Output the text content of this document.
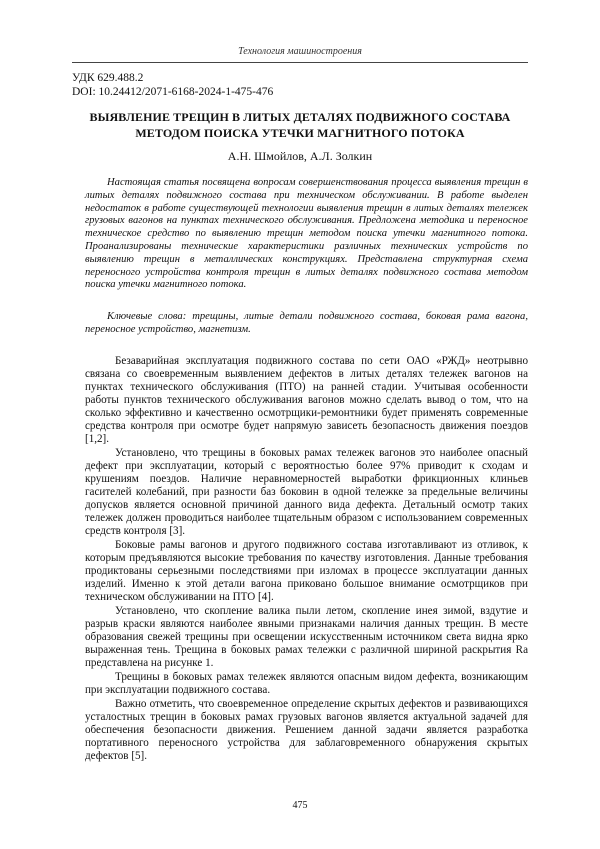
Технология машиностроения
УДК 629.488.2
DOI: 10.24412/2071-6168-2024-1-475-476
ВЫЯВЛЕНИЕ ТРЕЩИН В ЛИТЫХ ДЕТАЛЯХ ПОДВИЖНОГО СОСТАВА
МЕТОДОМ ПОИСКА УТЕЧКИ МАГНИТНОГО ПОТОКА
А.Н. Шмойлов, А.Л. Золкин

Настоящая статья посвящена вопросам совершенствования процесса выявления трещин в литых деталях подвижного состава при техническом обслуживании. В работе выделен недостаток в работе существующей технологии выявления трещин в литых деталях тележек грузовых вагонов на пунктах технического обслуживания. Предложена методика и переносное техническое средство по выявлению трещин методом поиска утечки магнитного потока. Проанализированы технические характеристики различных технических устройств по выявлению трещин в металлических конструкциях. Представлена структурная схема переносного устройства контроля трещин в литых деталях подвижного состава методом поиска утечки магнитного потока.

Ключевые слова: трещины, литые детали подвижного состава, боковая рама вагона, переносное устройство, магнетизм.

Безаварийная эксплуатация подвижного состава по сети ОАО «РЖД» неотрывно связана со своевременным выявлением дефектов в литых деталях тележек вагонов на пунктах технического обслуживания (ПТО) на ранней стадии. Учитывая особенности работы пунктов технического обслуживания вагонов можно сделать вывод о том, что на сколько эффективно и качественно осмотрщики-ремонтники будет применять современные средства контроля при осмотре будет напрямую зависеть безопасность движения поездов [1,2].

Установлено, что трещины в боковых рамах тележек вагонов это наиболее опасный дефект при эксплуатации, который с вероятностью более 97% приводит к сходам и крушениям поездов. Наличие неравномерностей выработки фрикционных клиньев гасителей колебаний, при разности баз боковин в одной тележке за предельные величины допусков является основной причиной данного вида дефекта. Детальный осмотр таких тележек должен проводиться наиболее тщательным образом с использованием современных средств контроля [3].

Боковые рамы вагонов и другого подвижного состава изготавливают из отливок, к которым предъявляются высокие требования по качеству изготовления. Данные требования продиктованы серьезными последствиями при изломах в процессе эксплуатации данных изделий. Именно к этой детали вагона приковано большое внимание осмотрщиков при техническом обслуживании на ПТО [4].

Установлено, что скопление валика пыли летом, скопление инея зимой, вздутие и разрыв краски являются наиболее явными признаками наличия данных трещин. В месте образования свежей трещины при освещении искусственным источником света видна ярко выраженная тень. Трещина в боковых рамах тележки с различной шириной раскрытия Ra представлена на рисунке 1.

Трещины в боковых рамах тележек являются опасным видом дефекта, возникающим при эксплуатации подвижного состава.

Важно отметить, что своевременное определение скрытых дефектов и развивающихся усталостных трещин в боковых рамах грузовых вагонов является актуальной задачей для обеспечения безопасности движения. Решением данной задачи является разработка портативного переносного устройства для заблаговременного обнаружения скрытых дефектов [5].

475
